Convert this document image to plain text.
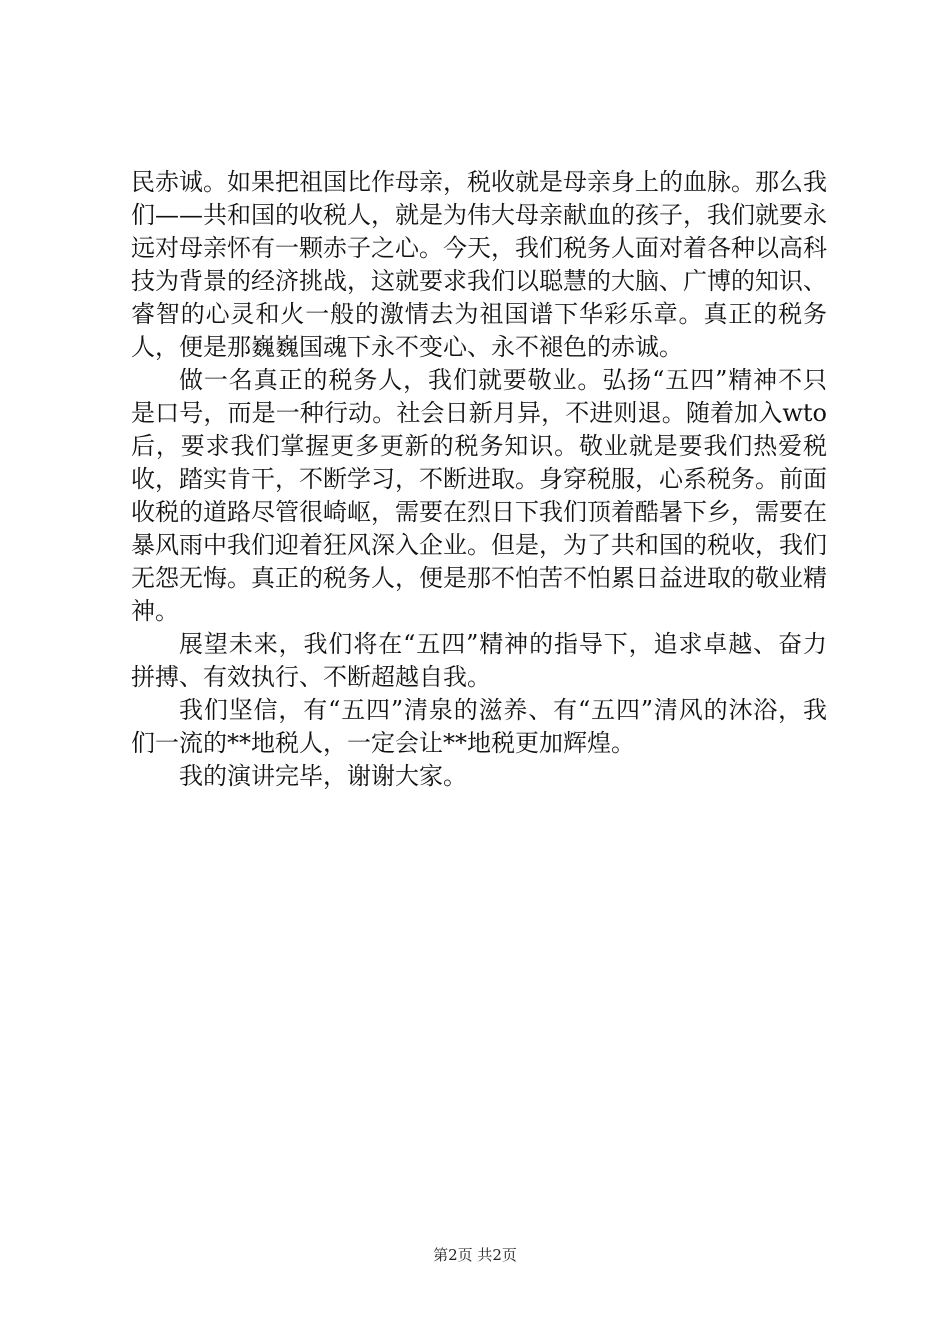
民赤诚。如果把祖国比作母亲，税收就是母亲身上的血脉。那么我们——共和国的收税人，就是为伟大母亲献血的孩子，我们就要永远对母亲怀有一颗赤子之心。今天，我们税务人面对着各种以高科技为背景的经济挑战，这就要求我们以聪慧的大脑、广博的知识、睿智的心灵和火一般的激情去为祖国谱下华彩乐章。真正的税务人，便是那巍巍国魂下永不变心、永不褪色的赤诚。

做一名真正的税务人，我们就要敬业。弘扬“五四”精神不只是口号，而是一种行动。社会日新月异，不进则退。随着加入wto后，要求我们掌握更多更新的税务知识。敬业就是要我们热爱税收，踏实肯干，不断学习，不断进取。身穿税服，心系税务。前面收税的道路尽管很崎岖，需要在烈日下我们顶着酷暑下乡，需要在暴风雨中我们迎着狂风深入企业。但是，为了共和国的税收，我们无怨无悔。真正的税务人，便是那不怕苦不怕累日益进取的敬业精神。

展望未来，我们将在“五四”精神的指导下，追求卓越、奋力拼搏、有效执行、不断超越自我。

我们坚信，有“五四”清泉的滋养、有“五四”清风的沐浴，我们一流的**地税人，一定会让**地税更加辉煌。

我的演讲完毕，谢谢大家。

第2页 共2页
